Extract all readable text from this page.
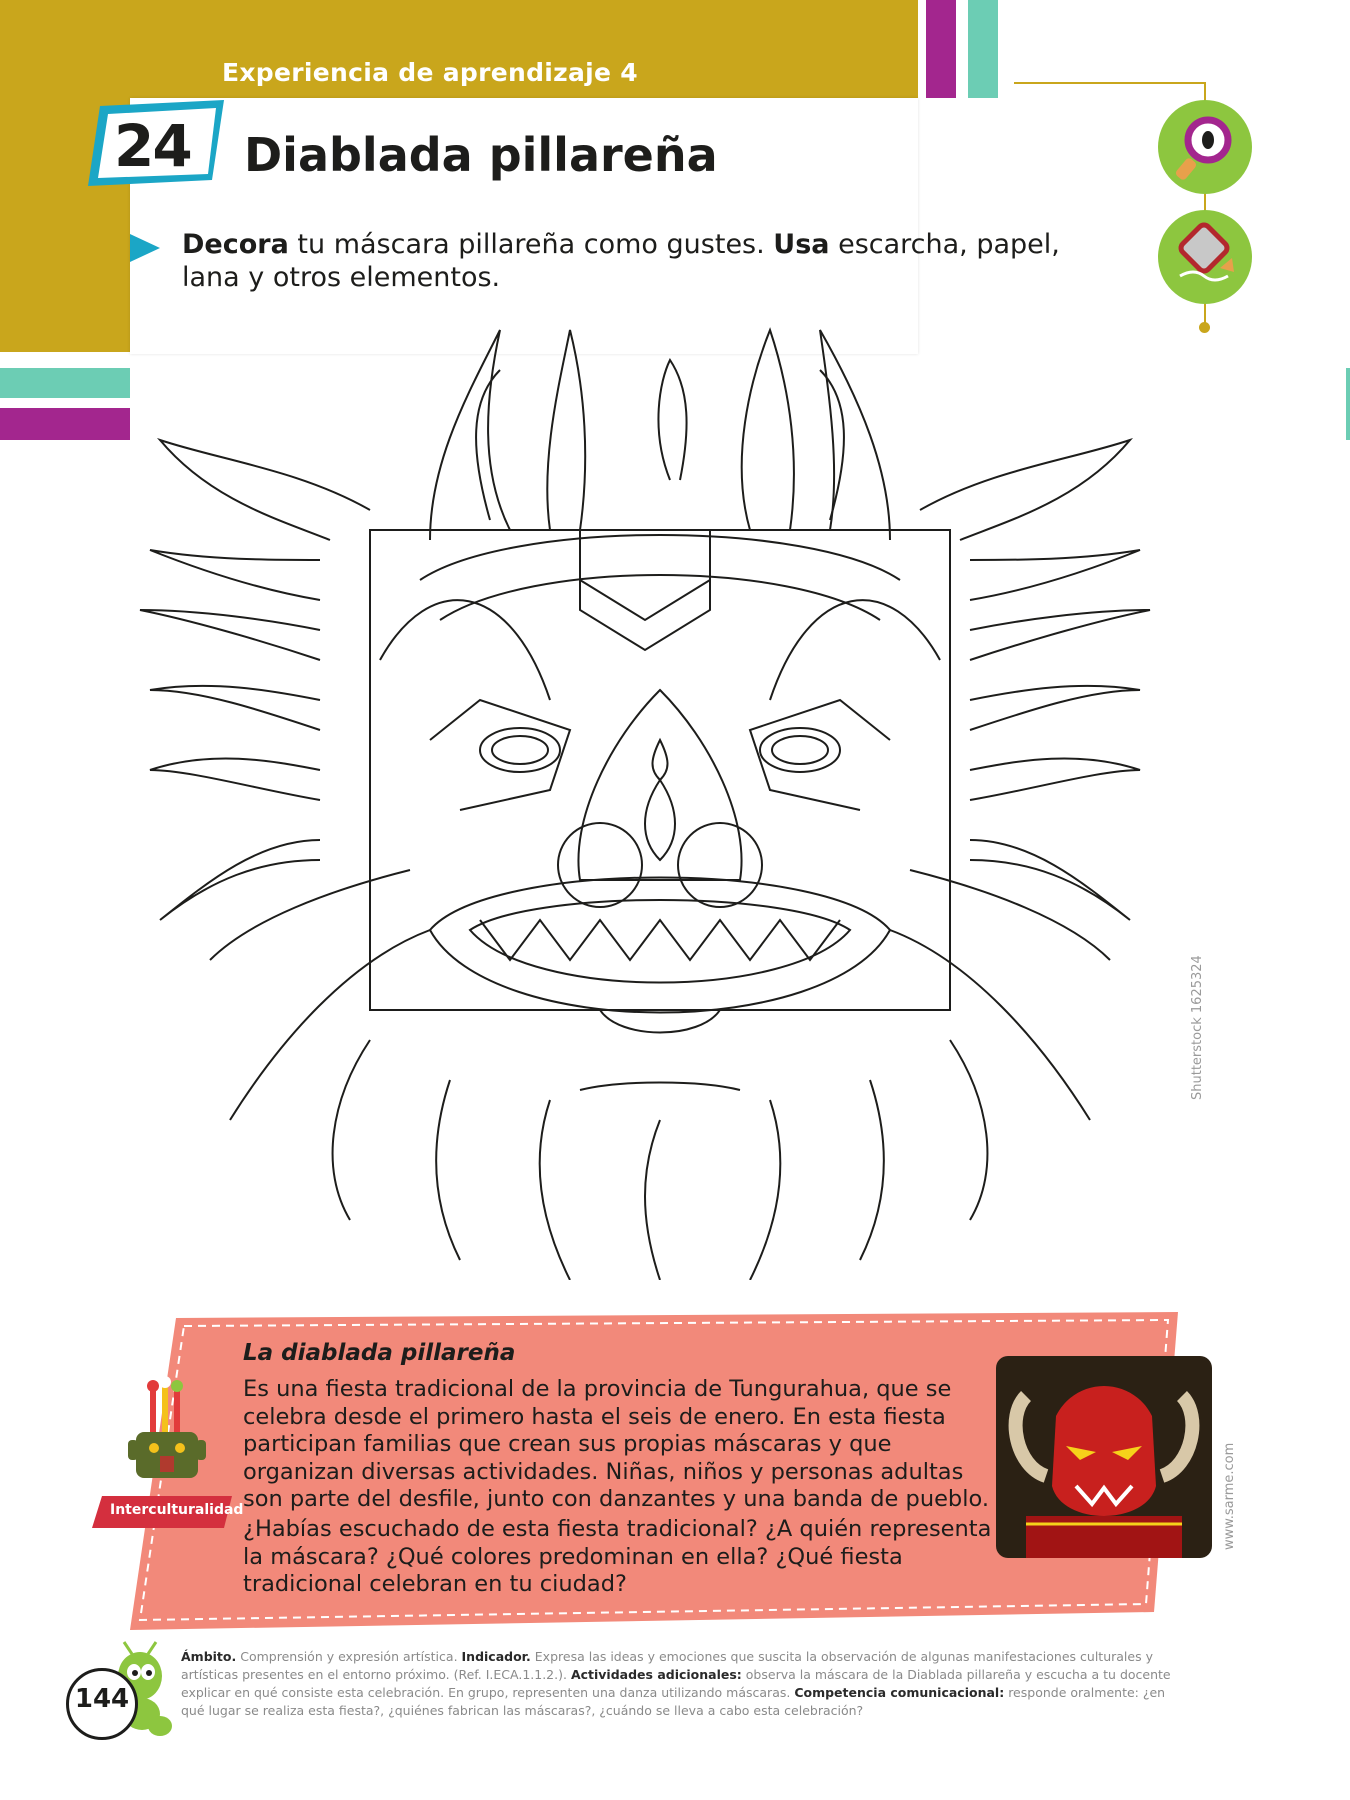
Experiencia de aprendizaje 4
24 Diablada pillareña
Decora tu máscara pillareña como gustes. Usa escarcha, papel, lana y otros elementos.
Shutterstock 1625324
Interculturalidad
La diablada pillareña
Es una fiesta tradicional de la provincia de Tungurahua, que se celebra desde el primero hasta el seis de enero. En esta fiesta participan familias que crean sus propias máscaras y que organizan diversas actividades. Niñas, niños y personas adultas son parte del desfile, junto con danzantes y una banda de pueblo.
¿Habías escuchado de esta fiesta tradicional? ¿A quién representa la máscara? ¿Qué colores predominan en ella? ¿Qué fiesta tradicional celebran en tu ciudad?
www.sarme.com
Ámbito. Comprensión y expresión artística. Indicador. Expresa las ideas y emociones que suscita la observación de algunas manifestaciones culturales y artísticas presentes en el entorno próximo. (Ref. I.ECA.1.1.2.). Actividades adicionales: observa la máscara de la Diablada pillareña y escucha a tu docente explicar en qué consiste esta celebración. En grupo, representen una danza utilizando máscaras. Competencia comunicacional: responde oralmente: ¿en qué lugar se realiza esta fiesta?, ¿quiénes fabrican las máscaras?, ¿cuándo se lleva a cabo esta celebración?
144
